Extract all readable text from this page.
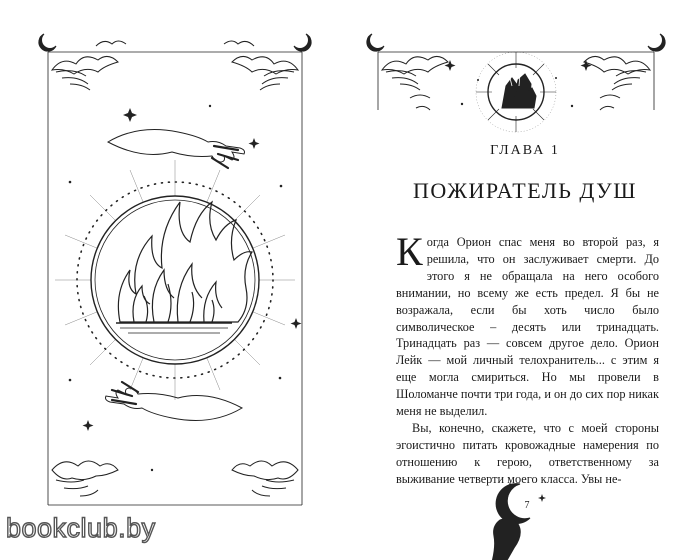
ГЛАВА 1
ПОЖИРАТЕЛЬ ДУШ

Когда Орион спас меня во второй раз, я решила, что он заслуживает смерти. До этого я не обращала на него особого внимании, но всему же есть предел. Я бы не возражала, если бы хоть число было символичеcкое – десять или тринадцать. Тринадцать раз — совсем другое дело. Орион Лейк — мой личный телохранитель... с этим я еще могла смириться. Но мы провели в Шоломанче почти три года, и он до сих пор никак меня не выделил.

Вы, конечно, скажете, что с моей стороны эгоистично питать кровожадные намерения по отношению к герою, ответственному за выживание четверти моего класса. Увы не-

7
bookclub.by
